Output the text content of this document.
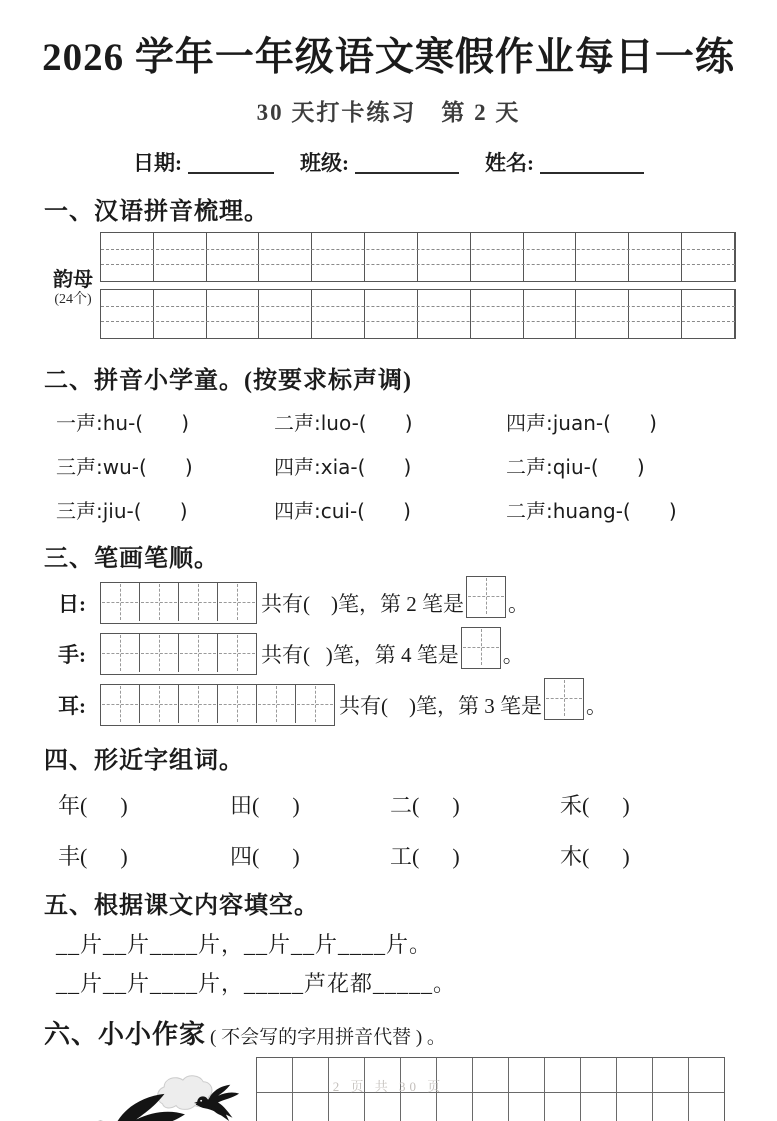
2026 学年一年级语文寒假作业每日一练
30 天打卡练习　第 2 天
日期:	班级:	姓名:
一、汉语拼音梳理。
韵母
(24个)
二、拼音小学童。(按要求标声调)
一声:hu-(      )	二声:luo-(      )	四声:juan-(      )
三声:wu-(      )	四声:xia-(      )	二声:qiu-(      )
三声:jiu-(      )	四声:cui-(      )	二声:huang-(      )
三、笔画笔顺。
日:	共有(    )笔，第 2 笔是 。
手:	共有(   )笔，第 4 笔是 。
耳:	共有(    )笔，第 3 笔是 。
四、形近字组词。
年(      )	田(      )	二(      )	禾(      )
丰(      )	四(      )	工(      )	木(      )
五、根据课文内容填空。
__片__片____片，__片__片____片。
__片__片____片，_____芦花都_____。
六、小小作家 ( 不会写的字用拼音代替 ) 。
2 页 共 30 页
